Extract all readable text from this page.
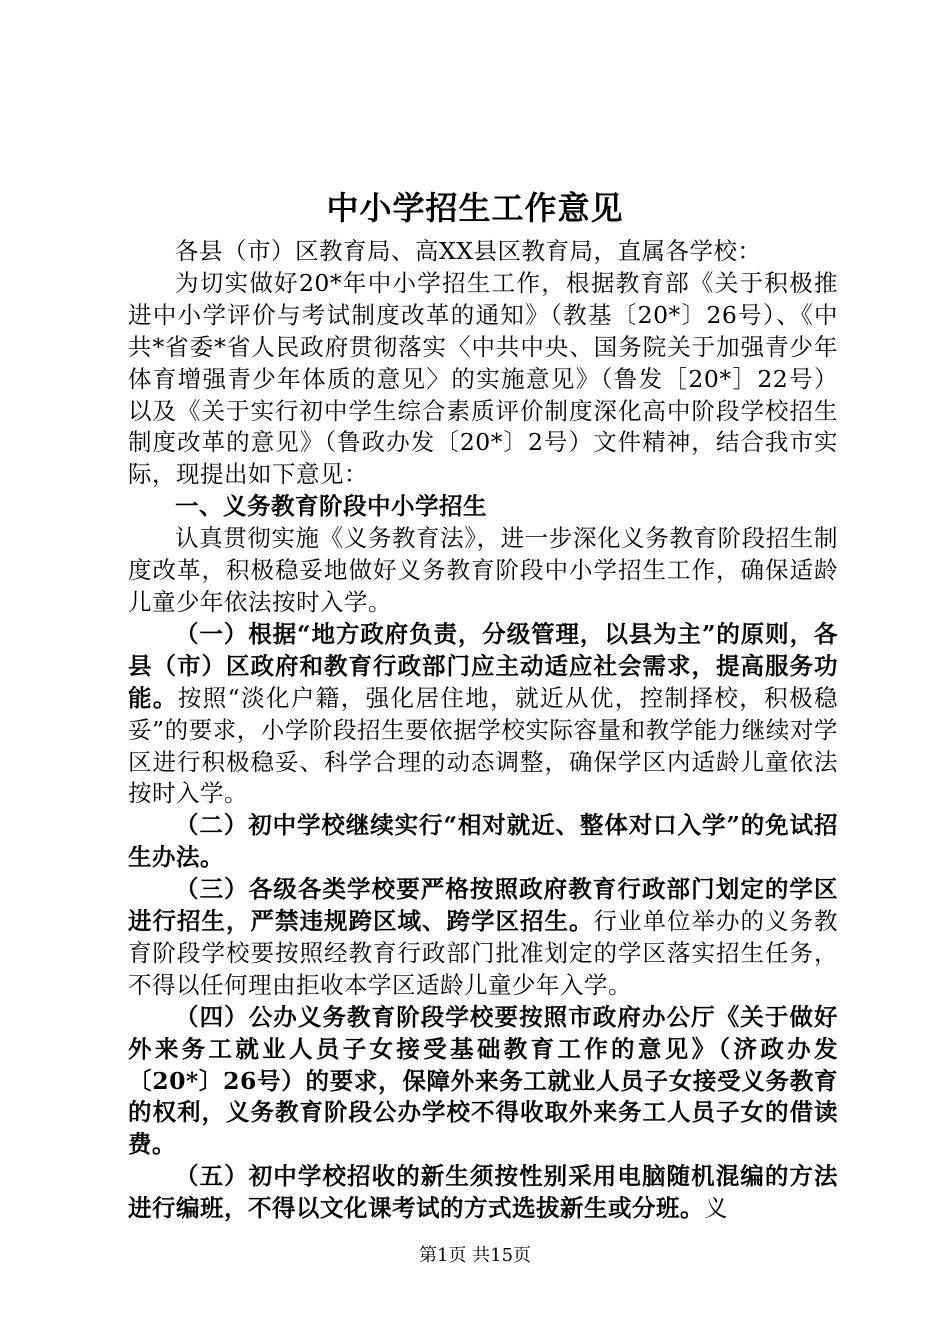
中小学招生工作意见

各县（市）区教育局、高XX县区教育局，直属各学校：

为切实做好20*年中小学招生工作，根据教育部《关于积极推进中小学评价与考试制度改革的通知》（教基〔20*〕26号）、《中共*省委*省人民政府贯彻落实〈中共中央、国务院关于加强青少年体育增强青少年体质的意见〉的实施意见》（鲁发［20*］22号）以及《关于实行初中学生综合素质评价制度深化高中阶段学校招生制度改革的意见》（鲁政办发〔20*〕2号）文件精神，结合我市实际，现提出如下意见：

一、义务教育阶段中小学招生

认真贯彻实施《义务教育法》，进一步深化义务教育阶段招生制度改革，积极稳妥地做好义务教育阶段中小学招生工作，确保适龄儿童少年依法按时入学。

（一）根据“地方政府负责，分级管理，以县为主”的原则，各县（市）区政府和教育行政部门应主动适应社会需求，提高服务功能。按照“淡化户籍，强化居住地，就近从优，控制择校，积极稳妥”的要求，小学阶段招生要依据学校实际容量和教学能力继续对学区进行积极稳妥、科学合理的动态调整，确保学区内适龄儿童依法按时入学。

（二）初中学校继续实行“相对就近、整体对口入学”的免试招生办法。

（三）各级各类学校要严格按照政府教育行政部门划定的学区进行招生，严禁违规跨区域、跨学区招生。行业单位举办的义务教育阶段学校要按照经教育行政部门批准划定的学区落实招生任务，不得以任何理由拒收本学区适龄儿童少年入学。

（四）公办义务教育阶段学校要按照市政府办公厅《关于做好外来务工就业人员子女接受基础教育工作的意见》（济政办发〔20*〕26号）的要求，保障外来务工就业人员子女接受义务教育的权利，义务教育阶段公办学校不得收取外来务工人员子女的借读费。

（五）初中学校招收的新生须按性别采用电脑随机混编的方法进行编班，不得以文化课考试的方式选拔新生或分班。义

第1页 共15页
